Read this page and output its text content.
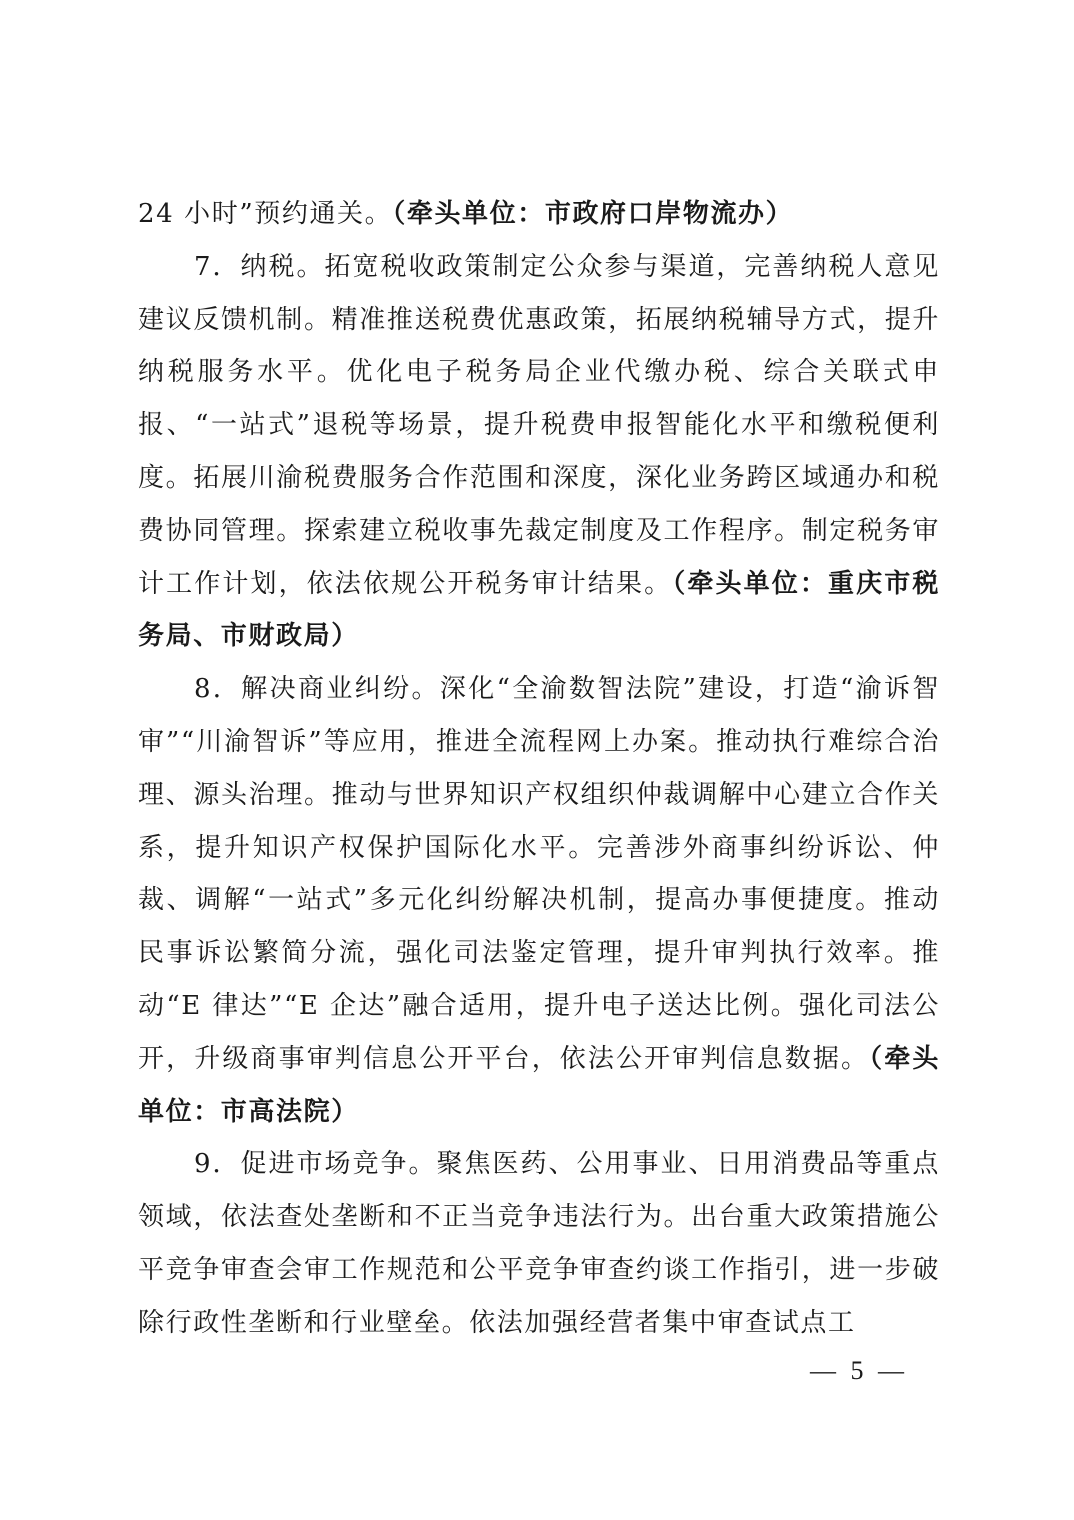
24 小时”预约通关。（牵头单位：市政府口岸物流办）

7．纳税。拓宽税收政策制定公众参与渠道，完善纳税人意见建议反馈机制。精准推送税费优惠政策，拓展纳税辅导方式，提升纳税服务水平。优化电子税务局企业代缴办税、综合关联式申报、“一站式”退税等场景，提升税费申报智能化水平和缴税便利度。拓展川渝税费服务合作范围和深度，深化业务跨区域通办和税费协同管理。探索建立税收事先裁定制度及工作程序。制定税务审计工作计划，依法依规公开税务审计结果。（牵头单位：重庆市税务局、市财政局）

8．解决商业纠纷。深化“全渝数智法院”建设，打造“渝诉智审”“川渝智诉”等应用，推进全流程网上办案。推动执行难综合治理、源头治理。推动与世界知识产权组织仲裁调解中心建立合作关系，提升知识产权保护国际化水平。完善涉外商事纠纷诉讼、仲裁、调解“一站式”多元化纠纷解决机制，提高办事便捷度。推动民事诉讼繁简分流，强化司法鉴定管理，提升审判执行效率。推动“E 律达”“E 企达”融合适用，提升电子送达比例。强化司法公开，升级商事审判信息公开平台，依法公开审判信息数据。（牵头单位：市高法院）

9．促进市场竞争。聚焦医药、公用事业、日用消费品等重点领域，依法查处垄断和不正当竞争违法行为。出台重大政策措施公平竞争审查会审工作规范和公平竞争审查约谈工作指引，进一步破除行政性垄断和行业壁垒。依法加强经营者集中审查试点工

— 5 —
